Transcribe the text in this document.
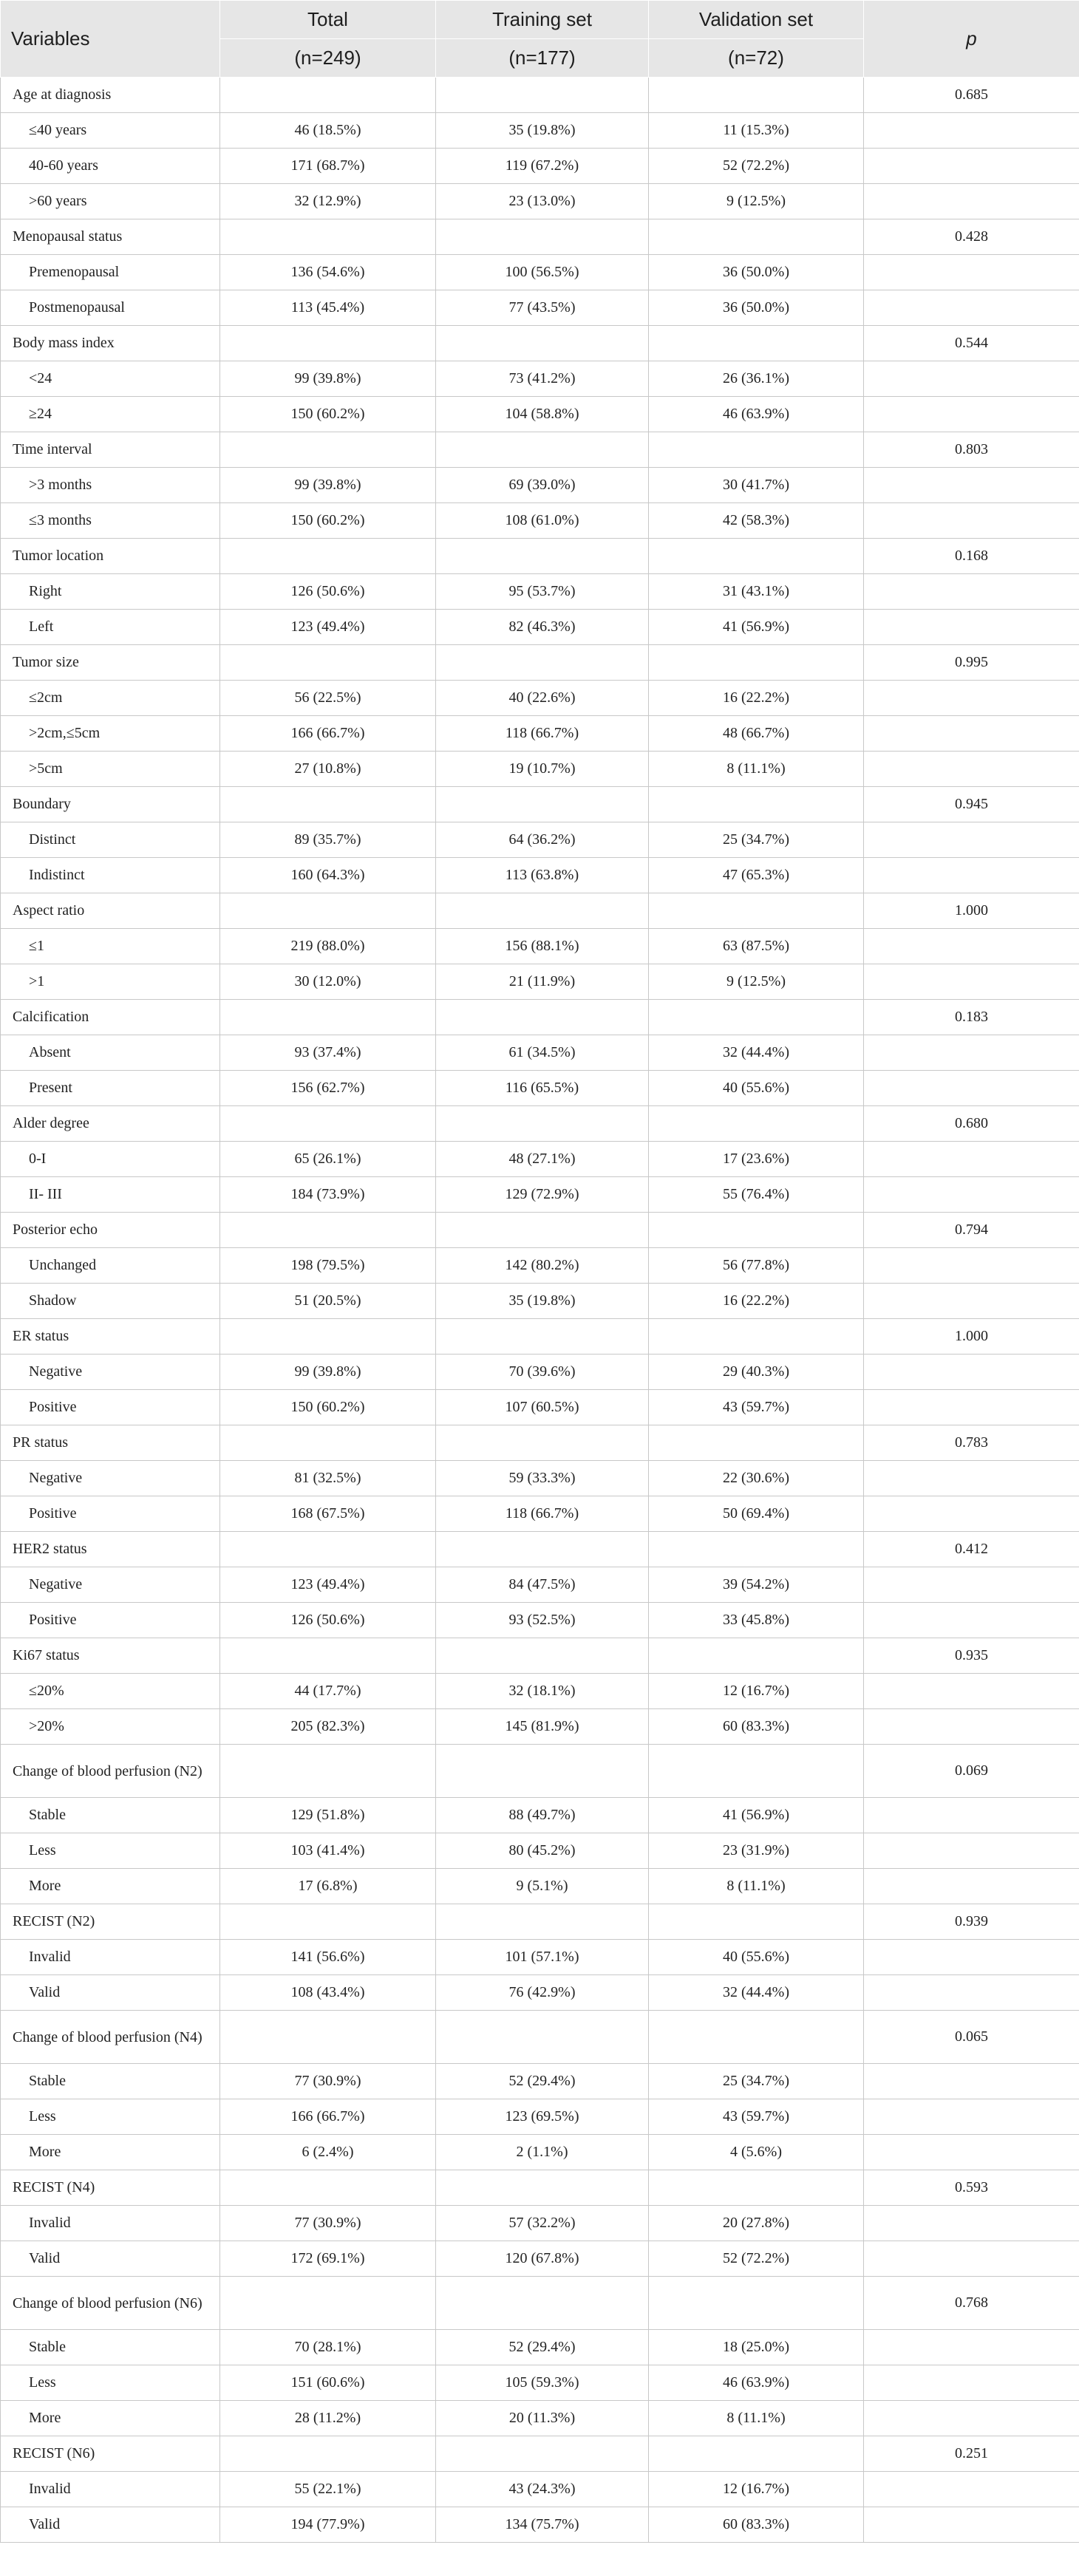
Variables	Total	Training set	Validation set	p
	(n=249)	(n=177)	(n=72)	
Age at diagnosis				0.685
≤40 years	46 (18.5%)	35 (19.8%)	11 (15.3%)	
40-60 years	171 (68.7%)	119 (67.2%)	52 (72.2%)	
>60 years	32 (12.9%)	23 (13.0%)	9 (12.5%)	
Menopausal status				0.428
Premenopausal	136 (54.6%)	100 (56.5%)	36 (50.0%)	
Postmenopausal	113 (45.4%)	77 (43.5%)	36 (50.0%)	
Body mass index				0.544
<24	99 (39.8%)	73 (41.2%)	26 (36.1%)	
≥24	150 (60.2%)	104 (58.8%)	46 (63.9%)	
Time interval				0.803
>3 months	99 (39.8%)	69 (39.0%)	30 (41.7%)	
≤3 months	150 (60.2%)	108 (61.0%)	42 (58.3%)	
Tumor location				0.168
Right	126 (50.6%)	95 (53.7%)	31 (43.1%)	
Left	123 (49.4%)	82 (46.3%)	41 (56.9%)	
Tumor size				0.995
≤2cm	56 (22.5%)	40 (22.6%)	16 (22.2%)	
>2cm,≤5cm	166 (66.7%)	118 (66.7%)	48 (66.7%)	
>5cm	27 (10.8%)	19 (10.7%)	8 (11.1%)	
Boundary				0.945
Distinct	89 (35.7%)	64 (36.2%)	25 (34.7%)	
Indistinct	160 (64.3%)	113 (63.8%)	47 (65.3%)	
Aspect ratio				1.000
≤1	219 (88.0%)	156 (88.1%)	63 (87.5%)	
>1	30 (12.0%)	21 (11.9%)	9 (12.5%)	
Calcification				0.183
Absent	93 (37.4%)	61 (34.5%)	32 (44.4%)	
Present	156 (62.7%)	116 (65.5%)	40 (55.6%)	
Alder degree				0.680
0-I	65 (26.1%)	48 (27.1%)	17 (23.6%)	
II- III	184 (73.9%)	129 (72.9%)	55 (76.4%)	
Posterior echo				0.794
Unchanged	198 (79.5%)	142 (80.2%)	56 (77.8%)	
Shadow	51 (20.5%)	35 (19.8%)	16 (22.2%)	
ER status				1.000
Negative	99 (39.8%)	70 (39.6%)	29 (40.3%)	
Positive	150 (60.2%)	107 (60.5%)	43 (59.7%)	
PR status				0.783
Negative	81 (32.5%)	59 (33.3%)	22 (30.6%)	
Positive	168 (67.5%)	118 (66.7%)	50 (69.4%)	
HER2 status				0.412
Negative	123 (49.4%)	84 (47.5%)	39 (54.2%)	
Positive	126 (50.6%)	93 (52.5%)	33 (45.8%)	
Ki67 status				0.935
≤20%	44 (17.7%)	32 (18.1%)	12 (16.7%)	
>20%	205 (82.3%)	145 (81.9%)	60 (83.3%)	
Change of blood perfusion (N2)				0.069
Stable	129 (51.8%)	88 (49.7%)	41 (56.9%)	
Less	103 (41.4%)	80 (45.2%)	23 (31.9%)	
More	17 (6.8%)	9 (5.1%)	8 (11.1%)	
RECIST (N2)				0.939
Invalid	141 (56.6%)	101 (57.1%)	40 (55.6%)	
Valid	108 (43.4%)	76 (42.9%)	32 (44.4%)	
Change of blood perfusion (N4)				0.065
Stable	77 (30.9%)	52 (29.4%)	25 (34.7%)	
Less	166 (66.7%)	123 (69.5%)	43 (59.7%)	
More	6 (2.4%)	2 (1.1%)	4 (5.6%)	
RECIST (N4)				0.593
Invalid	77 (30.9%)	57 (32.2%)	20 (27.8%)	
Valid	172 (69.1%)	120 (67.8%)	52 (72.2%)	
Change of blood perfusion (N6)				0.768
Stable	70 (28.1%)	52 (29.4%)	18 (25.0%)	
Less	151 (60.6%)	105 (59.3%)	46 (63.9%)	
More	28 (11.2%)	20 (11.3%)	8 (11.1%)	
RECIST (N6)				0.251
Invalid	55 (22.1%)	43 (24.3%)	12 (16.7%)	
Valid	194 (77.9%)	134 (75.7%)	60 (83.3%)	
